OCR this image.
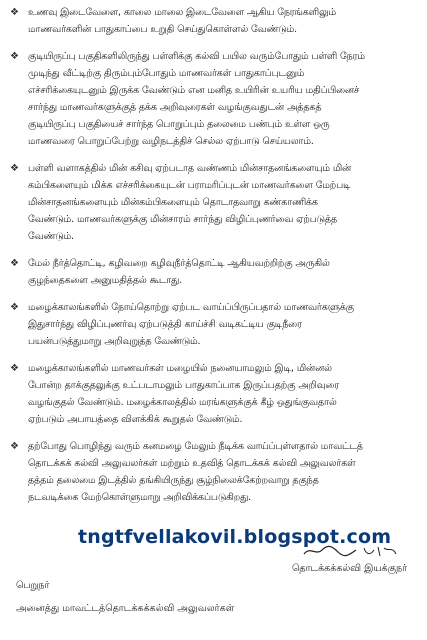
❖ உணவு இடைவேளை, காலை மாலை இடைவேளை ஆகிய நேரங்களிலும்
மாணவர்களின் பாதுகாப்பை உறுதி செய்துகொள்ளல் வேண்டும்.
❖ குடியிருப்பு பகுதிகளிலிருந்து பள்ளிக்கு கல்வி பயில வரும்போதும் பள்ளி நேரம்
முடிந்து வீட்டிற்கு திரும்பும்போதும் மாணவர்கள் பாதுகாப்புடனும்
எச்சரிக்கையுடனும் இருக்க வேண்டும் என மனித உயிரின் உயரிய மதிப்பினைச்
சார்ந்து மாணவர்களுக்குத் தக்க அறிவுரைகள் வழங்குவதுடன் அத்தகத்
குடியிருப்பு பகுதியைச் சார்ந்த பொறுப்பும் தலைமை பண்பும் உள்ள ஒரு
மாணவரை பொறுப்பேற்று வழிநடத்திச் செல்ல ஏற்பாடு செய்யலாம்.
❖ பள்ளி வளாகத்தில் மின் கசிவு ஏற்படாத வண்ணம் மின்சாதனங்களையும் மின்
கம்பிகளையும் மிக்க எச்சரிக்கையுடன் பராமரிப்புடன் மாணவர்களை மேற்படி
மின்சாதனங்களையும் மின்கம்பிகளையும் தொடாதவாறு கண்காணிக்க
வேண்டும். மாணவர்களுக்கு மின்சாரம் சார்ந்து விழிப்புணர்வை ஏற்படுத்த
வேண்டும்.
❖ மேல் நீர்த்தொட்டி, கழிவறை கழிவுநீர்த்தொட்டி ஆகியவற்றிற்கு அருகில்
குழந்தைகளை அனுமதித்தல் கூடாது.
❖ மழைக்காலங்களில் நோய்தொற்று ஏற்பட வாய்ப்பிருப்பதால் மாணவர்களுக்கு
இதுசார்ந்து விழிப்புணர்வு ஏற்படுத்தி காய்ச்சி வடிகட்டிய குடிநீரை
பயன்படுத்துமாறு அறிவுறுத்த வேண்டும்.
❖ மழைக்காலங்களில் மாணவர்கள் மழையில் நனையாமலும் இடி, மின்னல்
போன்ற தாக்குதலுக்கு உட்படாமலும் பாதுகாப்பாக இருப்பதற்கு அறிவுரை
வழங்குதல் வேண்டும். மழைக்காலத்தில் மரங்களுக்குக் கீழ் ஒதுங்குவதால்
ஏற்படும் அபாயத்தை விளக்கிக் கூறுதல் வேண்டும்.
❖ தற்போது பொழிந்து வரும் கனமழை மேலும் நீடிக்க வாய்ப்புள்ளதால் மாவட்டத்
தொடக்கக் கல்வி அலுவலர்கள் மற்றும் உதவித் தொடக்கக் கல்வி அலுவலர்கள்
தத்தம் தலைமை இடத்தில் தங்கியிருந்து சூழ்நிலைக்கேற்றவாறு தகுந்த
நடவடிக்கை மேற்கொள்ளுமாறு அறிவிக்கப்படுகிறது.
tngtfvellakovil.blogspot.com
தொடக்கக்கல்வி இயக்குநர்
பெறுநர்
அனைத்து மாவட்டத்தொடக்கக்கல்வி அலுவலர்கள்
